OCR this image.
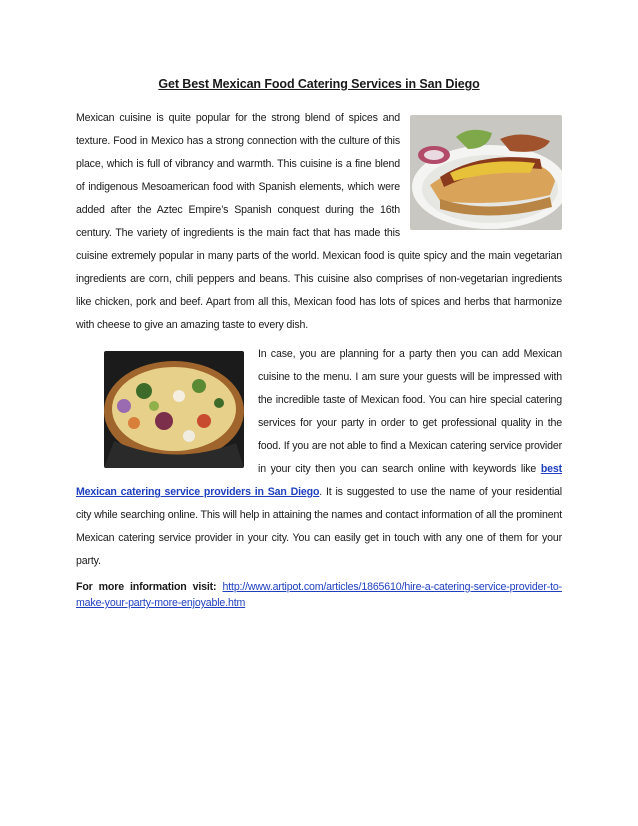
Get Best Mexican Food Catering Services in San Diego

Mexican cuisine is quite popular for the strong blend of spices and texture. Food in Mexico has a strong connection with the culture of this place, which is full of vibrancy and warmth. This cuisine is a fine blend of indigenous Mesoamerican food with Spanish elements, which were added after the Aztec Empire’s Spanish conquest during the 16th century. The variety of ingredients is the main fact that has made this cuisine extremely popular in many parts of the world. Mexican food is quite spicy and the main vegetarian ingredients are corn, chili peppers and beans. This cuisine also comprises of non-vegetarian ingredients like chicken, pork and beef. Apart from all this, Mexican food has lots of spices and herbs that harmonize with cheese to give an amazing taste to every dish.

In case, you are planning for a party then you can add Mexican cuisine to the menu. I am sure your guests will be impressed with the incredible taste of Mexican food. You can hire special catering services for your party in order to get professional quality in the food. If you are not able to find a Mexican catering service provider in your city then you can search online with keywords like best Mexican catering service providers in San Diego. It is suggested to use the name of your residential city while searching online. This will help in attaining the names and contact information of all the prominent Mexican catering service provider in your city. You can easily get in touch with any one of them for your party.

For more information visit: http://www.artipot.com/articles/1865610/hire-a-catering-service-provider-to-make-your-party-more-enjoyable.htm
